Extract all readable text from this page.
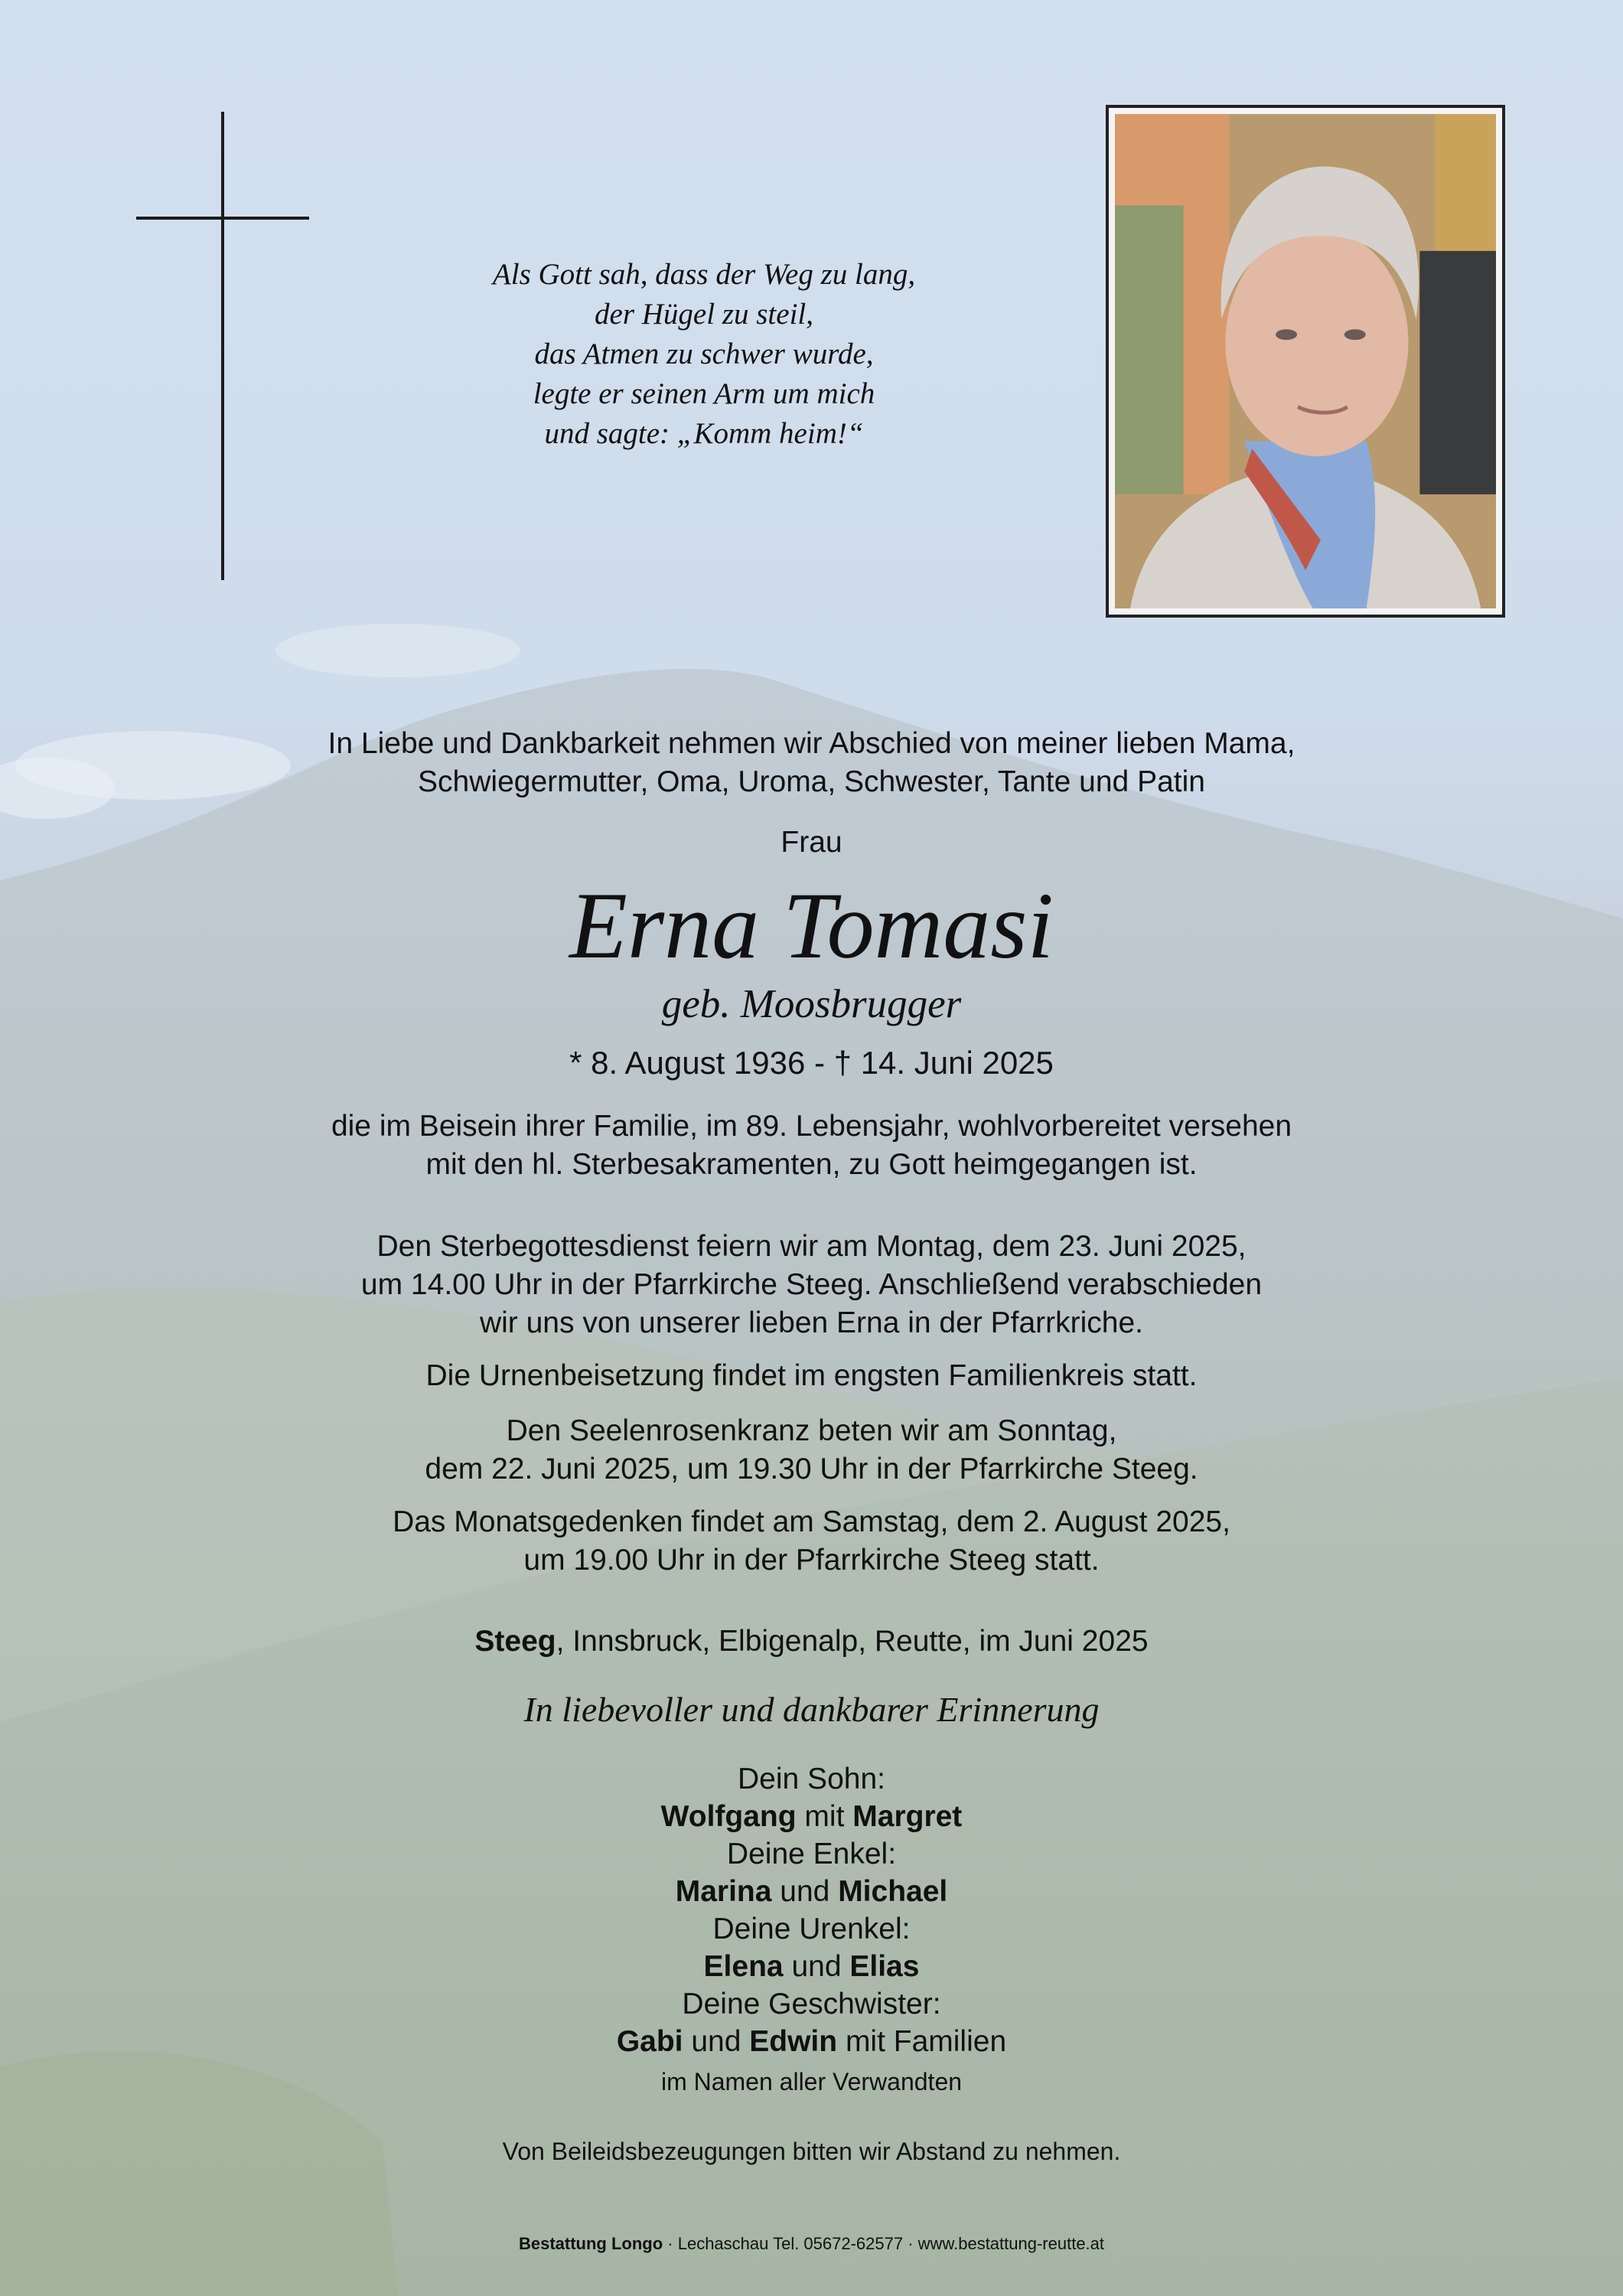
Als Gott sah, dass der Weg zu lang,
der Hügel zu steil,
das Atmen zu schwer wurde,
legte er seinen Arm um mich
und sagte: „Komm heim!“
In Liebe und Dankbarkeit nehmen wir Abschied von meiner lieben Mama,
Schwiegermutter, Oma, Uroma, Schwester, Tante und Patin
Frau
Erna Tomasi
geb. Moosbrugger
* 8. August 1936 - † 14. Juni 2025
die im Beisein ihrer Familie, im 89. Lebensjahr, wohlvorbereitet versehen
mit den hl. Sterbesakramenten, zu Gott heimgegangen ist.
Den Sterbegottesdienst feiern wir am Montag, dem 23. Juni 2025,
um 14.00 Uhr in der Pfarrkirche Steeg. Anschließend verabschieden
wir uns von unserer lieben Erna in der Pfarrkriche.
Die Urnenbeisetzung findet im engsten Familienkreis statt.
Den Seelenrosenkranz beten wir am Sonntag,
dem 22. Juni 2025, um 19.30 Uhr in der Pfarrkirche Steeg.
Das Monatsgedenken findet am Samstag, dem 2. August 2025,
um 19.00 Uhr in der Pfarrkirche Steeg statt.
Steeg, Innsbruck, Elbigenalp, Reutte, im Juni 2025
In liebevoller und dankbarer Erinnerung
Dein Sohn:
Wolfgang mit Margret
Deine Enkel:
Marina und Michael
Deine Urenkel:
Elena und Elias
Deine Geschwister:
Gabi und Edwin mit Familien
im Namen aller Verwandten
Von Beileidsbezeugungen bitten wir Abstand zu nehmen.
Bestattung Longo · Lechaschau Tel. 05672-62577 · www.bestattung-reutte.at
